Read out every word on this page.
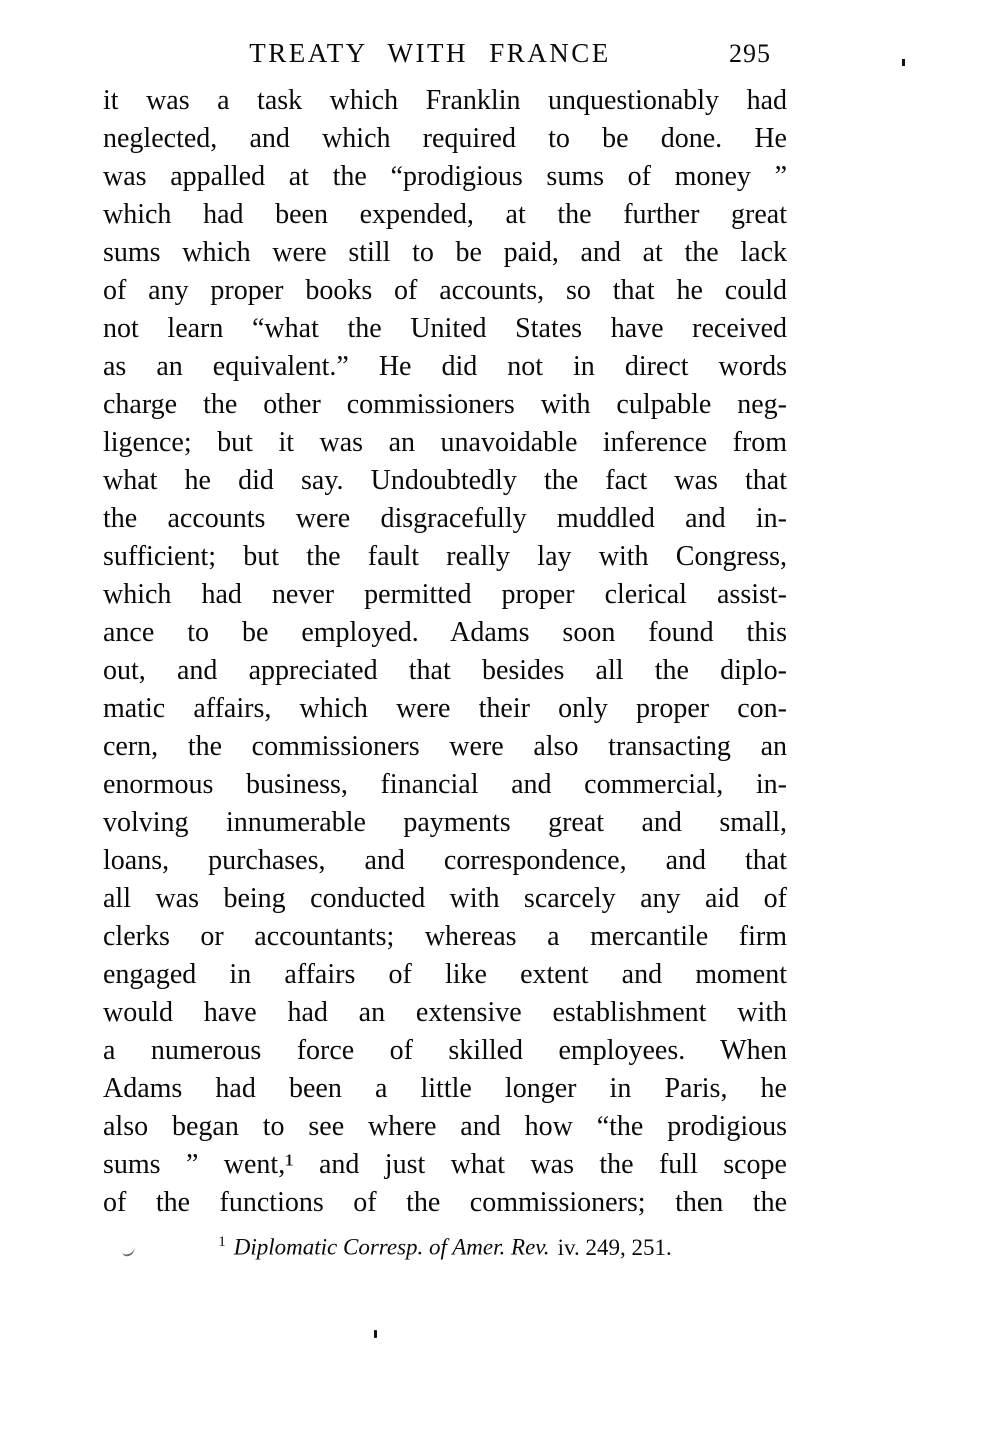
TREATY WITH FRANCE	295
it was a task which Franklin unquestionably had
neglected, and which required to be done. He
was appalled at the “prodigious sums of money ”
which had been expended, at the further great
sums which were still to be paid, and at the lack
of any proper books of accounts, so that he could
not learn “what the United States have received
as an equivalent.” He did not in direct words
charge the other commissioners with culpable neg-
ligence; but it was an unavoidable inference from
what he did say. Undoubtedly the fact was that
the accounts were disgracefully muddled and in-
sufficient; but the fault really lay with Congress,
which had never permitted proper clerical assist-
ance to be employed. Adams soon found this
out, and appreciated that besides all the diplo-
matic affairs, which were their only proper con-
cern, the commissioners were also transacting an
enormous business, financial and commercial, in-
volving innumerable payments great and small,
loans, purchases, and correspondence, and that
all was being conducted with scarcely any aid of
clerks or accountants; whereas a mercantile firm
engaged in affairs of like extent and moment
would have had an extensive establishment with
a numerous force of skilled employees. When
Adams had been a little longer in Paris, he
also began to see where and how “the prodigious
sums ” went,¹ and just what was the full scope
of the functions of the commissioners; then the
$^1$ Diplomatic Corresp. of Amer. Rev. iv. 249, 251.
